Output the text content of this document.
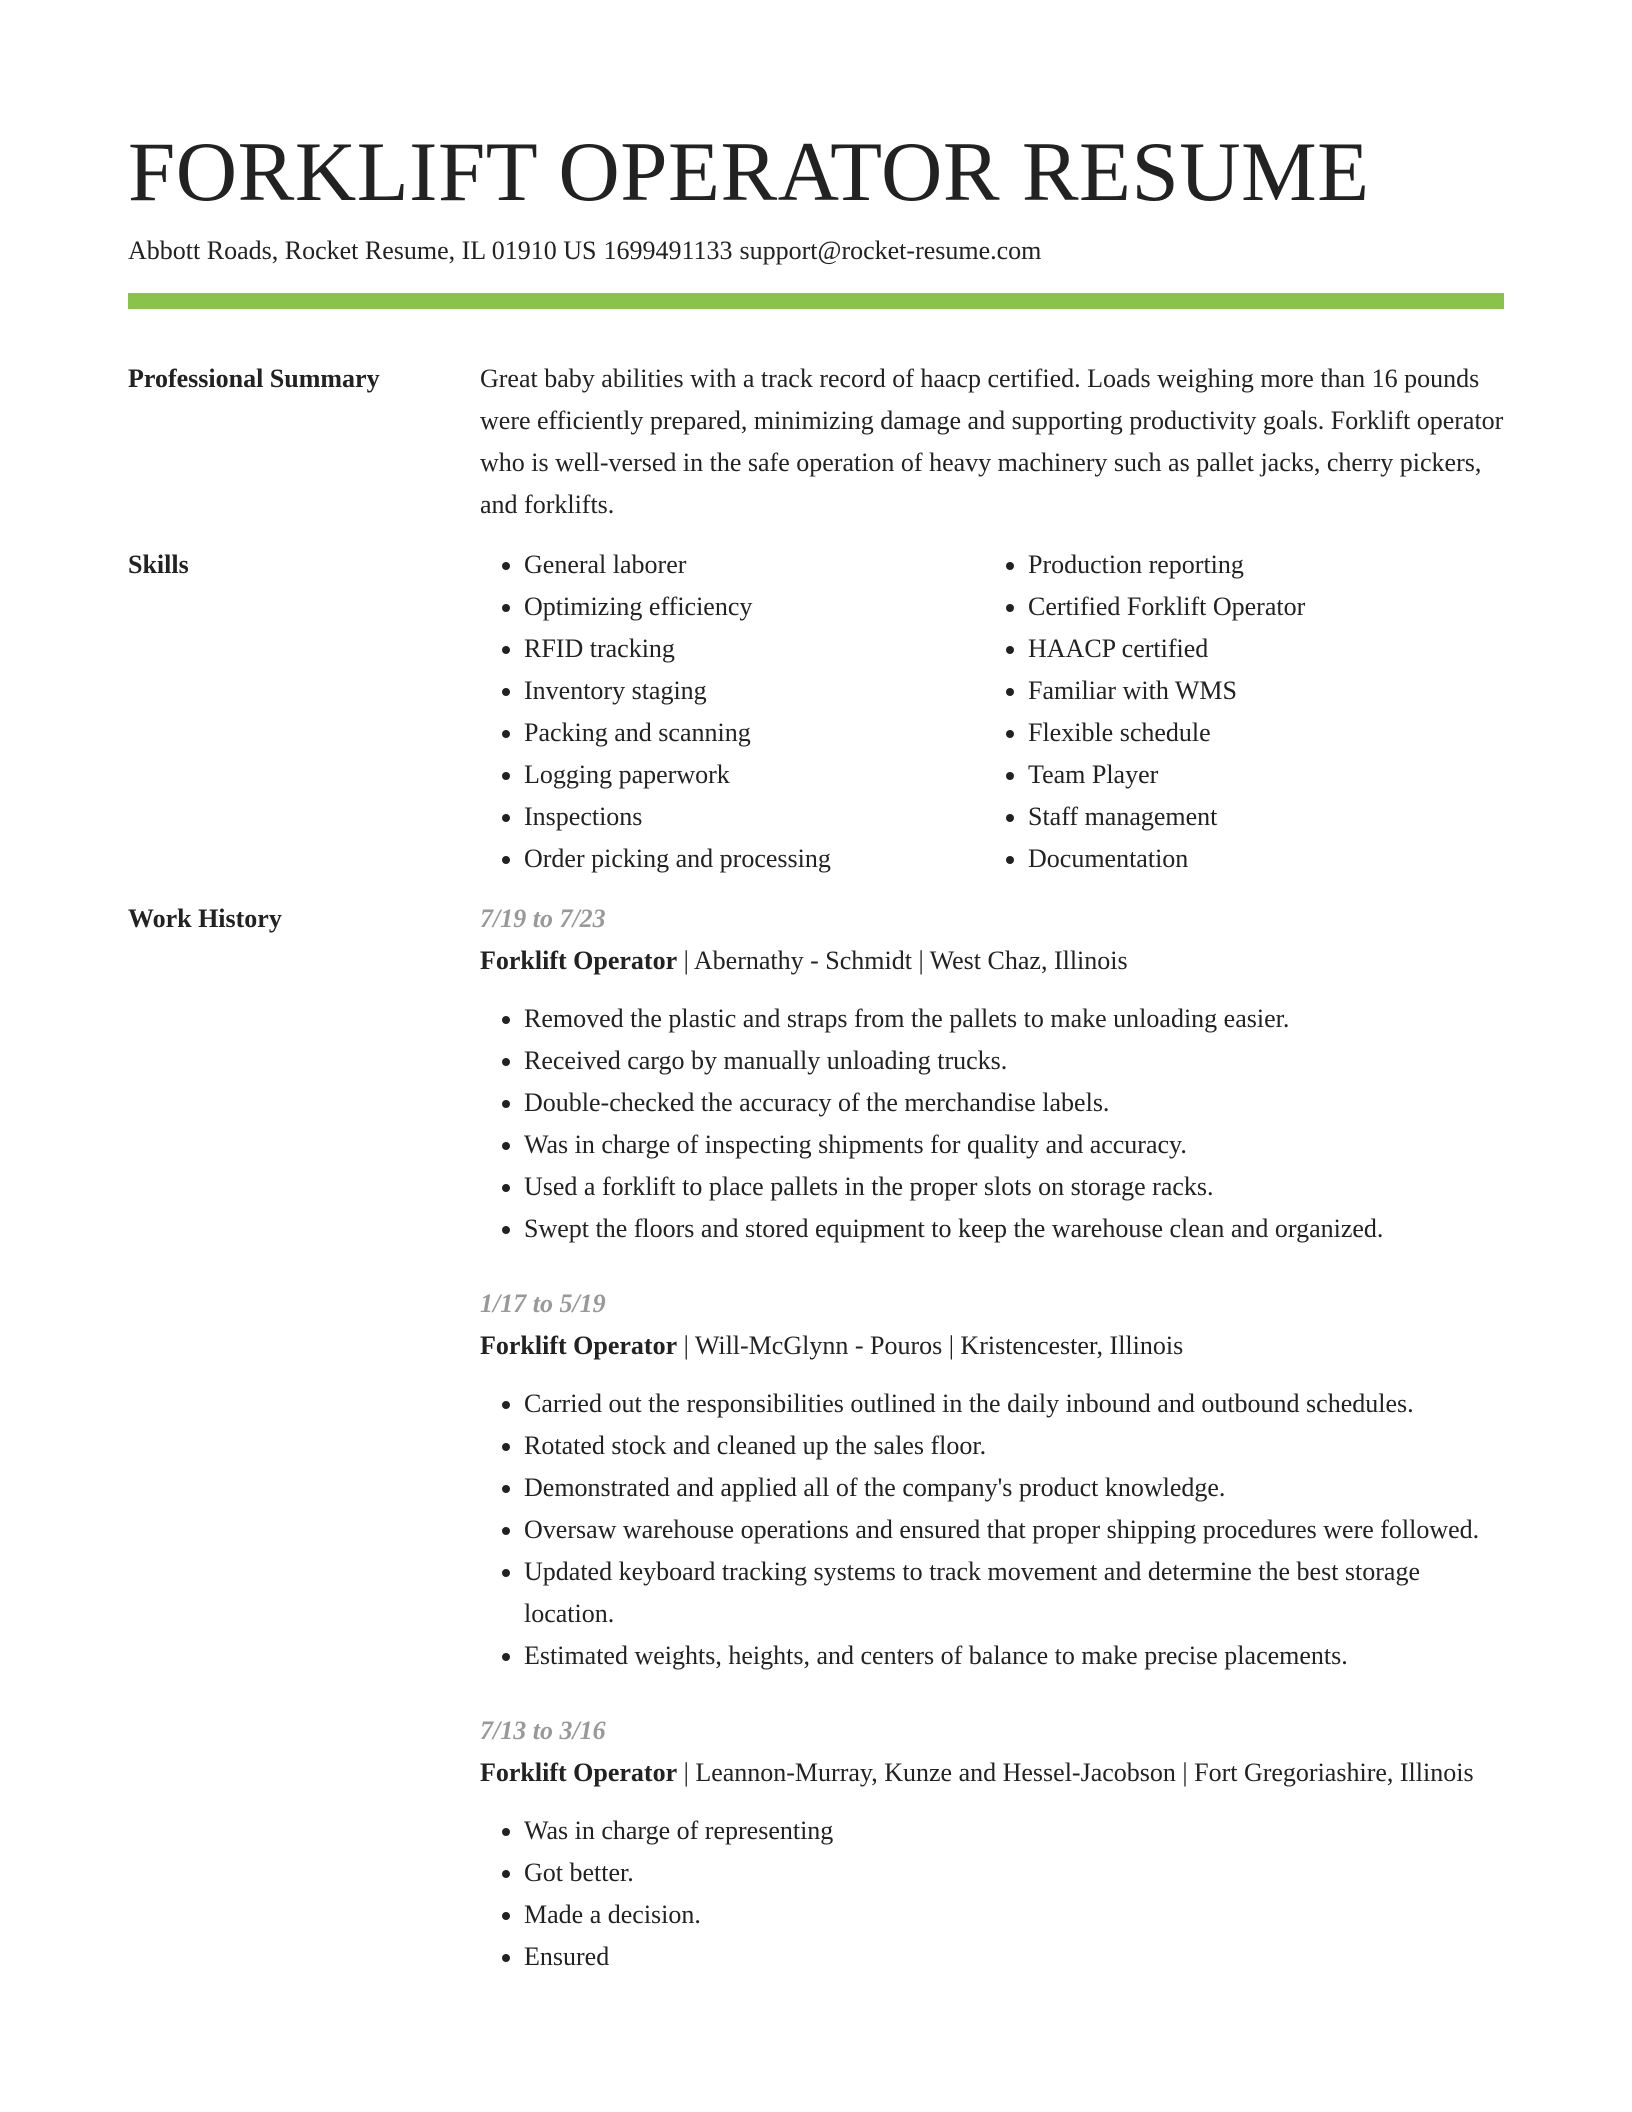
FORKLIFT OPERATOR RESUME
Abbott Roads, Rocket Resume, IL 01910 US 1699491133 support@rocket-resume.com
Professional Summary	Great baby abilities with a track record of haacp certified. Loads weighing more than 16 pounds were efficiently prepared, minimizing damage and supporting productivity goals. Forklift operator who is well-versed in the safe operation of heavy machinery such as pallet jacks, cherry pickers, and forklifts.
Skills
•	General laborer
• Optimizing efficiency
• RFID tracking
• Inventory staging
• Packing and scanning
• Logging paperwork
• Inspections
• Order picking and processing
• Production reporting
• Certified Forklift Operator
• HAACP certified
• Familiar with WMS
• Flexible schedule
• Team Player
• Staff management
• Documentation
Work History	7/19 to 7/23
Forklift Operator | Abernathy - Schmidt | West Chaz, Illinois
• Removed the plastic and straps from the pallets to make unloading easier.
• Received cargo by manually unloading trucks.
• Double-checked the accuracy of the merchandise labels.
• Was in charge of inspecting shipments for quality and accuracy.
• Used a forklift to place pallets in the proper slots on storage racks.
• Swept the floors and stored equipment to keep the warehouse clean and organized.
1/17 to 5/19
Forklift Operator | Will-McGlynn - Pouros | Kristencester, Illinois
• Carried out the responsibilities outlined in the daily inbound and outbound schedules.
• Rotated stock and cleaned up the sales floor.
• Demonstrated and applied all of the company's product knowledge.
• Oversaw warehouse operations and ensured that proper shipping procedures were followed.
• Updated keyboard tracking systems to track movement and determine the best storage location.
• Estimated weights, heights, and centers of balance to make precise placements.
7/13 to 3/16
Forklift Operator | Leannon-Murray, Kunze and Hessel-Jacobson | Fort Gregoriashire, Illinois
• Was in charge of representing
• Got better.
• Made a decision.
• Ensured
